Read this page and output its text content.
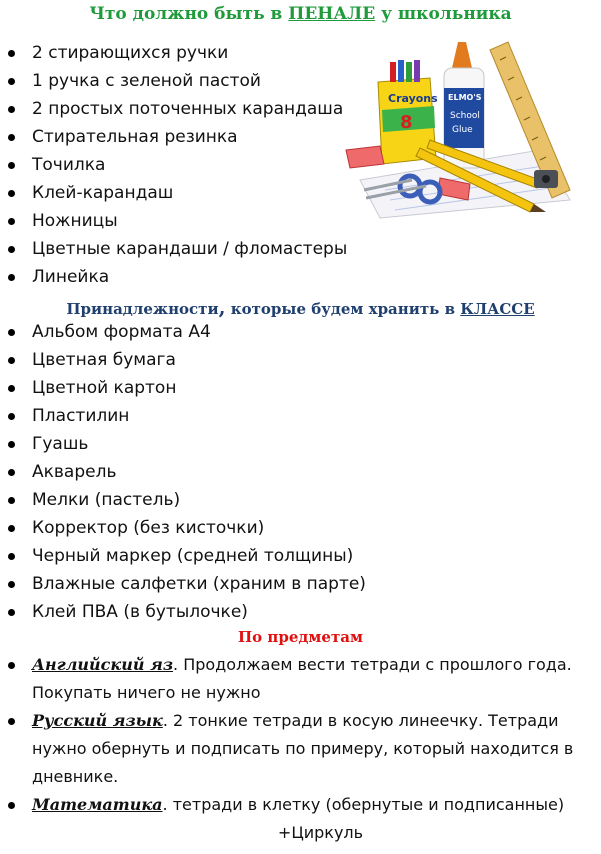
Что должно быть в ПЕНАЛЕ у школьника
2 стирающихся ручки
1 ручка с зеленой пастой
2 простых поточенных карандаша
Стирательная резинка
Точилка
Клей-карандаш
Ножницы
Цветные карандаши / фломастеры
Линейка
Crayons
8
ELMO'S
School
Glue
Принадлежности, которые будем хранить в КЛАССЕ
Альбом формата А4
Цветная бумага
Цветной картон
Пластилин
Гуашь
Акварель
Мелки (пастель)
Корректор (без кисточки)
Черный маркер (средней толщины)
Влажные салфетки (храним в парте)
Клей ПВА (в бутылочке)
По предметам
Английский яз. Продолжаем вести тетради с прошлого года. Покупать ничего не нужно
Русский язык. 2 тонкие тетради в косую линеечку. Тетради нужно обернуть и подписать по примеру, который находится в дневнике.
Математика. тетради в клетку (обернутые и подписанные)
+Циркуль
